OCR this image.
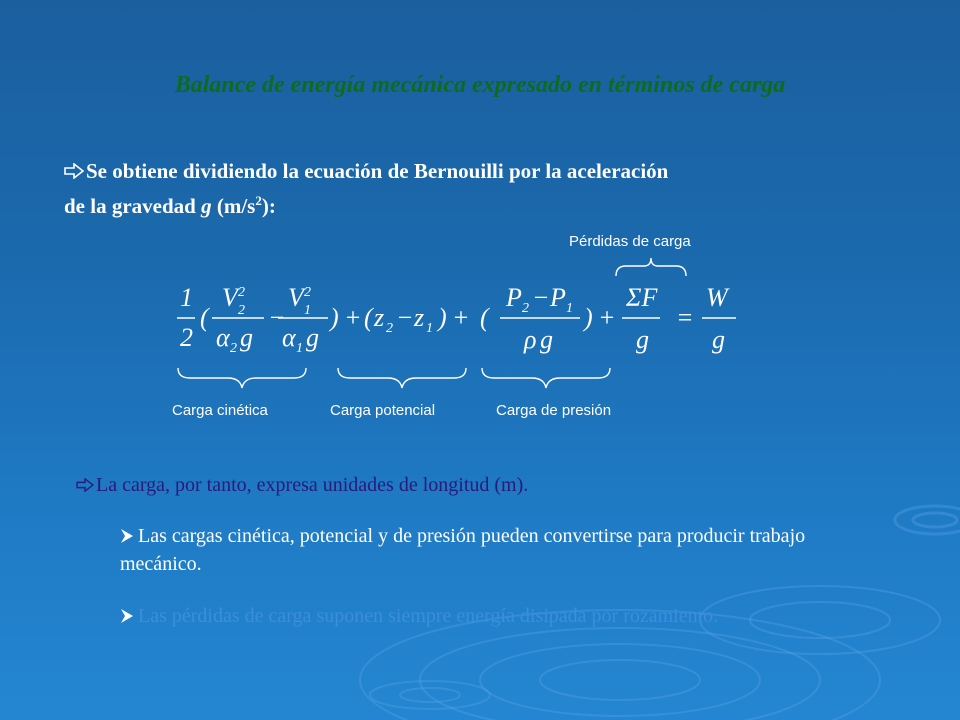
Balance de energía mecánica expresado en términos de carga
Se obtiene dividiendo la ecuación de Bernouilli por la aceleración
de la gravedad g $(m/s^2)$:
Pérdidas de carga
1
2
(
V 2
2
α 2 g
−
V 2
1
α 1 g
) + ( z 2 − z 1 ) + (
P 2 − P 1
ρ g
) +
ΣF
g
=
W
g
Carga cinética	Carga potencial	Carga de presión
La carga, por tanto, expresa unidades de longitud (m).
Las cargas cinética, potencial y de presión pueden convertirse para producir trabajo mecánico.
Las pérdidas de carga suponen siempre energía disipada por rozamiento.
